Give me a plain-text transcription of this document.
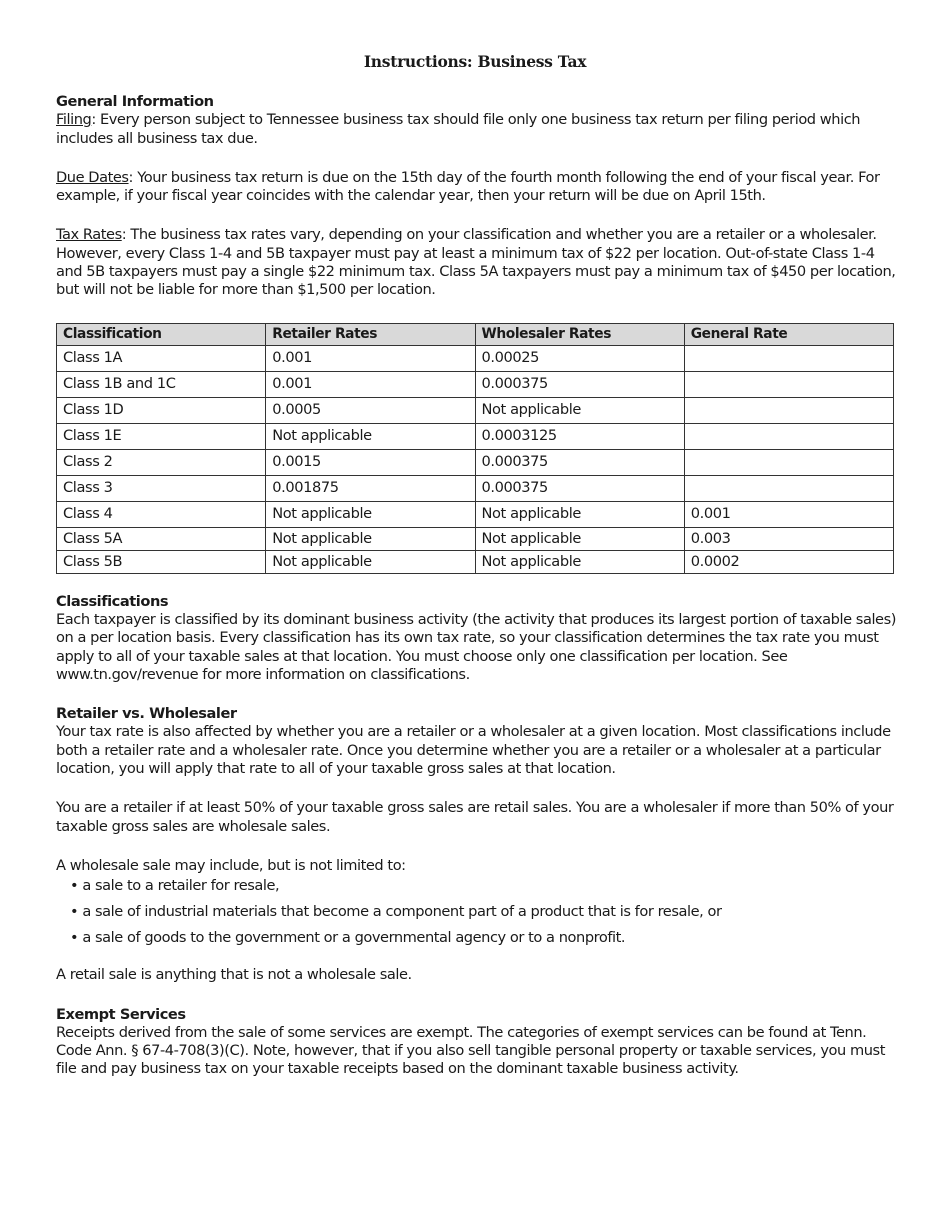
Instructions: Business Tax
General Information

Filing: Every person subject to Tennessee business tax should file only one business tax return per filing period which includes all business tax due.

Due Dates: Your business tax return is due on the 15th day of the fourth month following the end of your fiscal year. For example, if your fiscal year coincides with the calendar year, then your return will be due on April 15th.

Tax Rates: The business tax rates vary, depending on your classification and whether you are a retailer or a wholesaler. However, every Class 1-4 and 5B taxpayer must pay at least a minimum tax of $22 per location. Out-of-state Class 1-4 and 5B taxpayers must pay a single $22 minimum tax. Class 5A taxpayers must pay a minimum tax of $450 per location, but will not be liable for more than $1,500 per location.

Classification	Retailer Rates	Wholesaler Rates	General Rate
Class 1A	0.001	0.00025	
Class 1B and 1C	0.001	0.000375	
Class 1D	0.0005	Not applicable	
Class 1E	Not applicable	0.0003125	
Class 2	0.0015	0.000375	
Class 3	0.001875	0.000375	
Class 4	Not applicable	Not applicable	0.001
Class 5A	Not applicable	Not applicable	0.003
Class 5B	Not applicable	Not applicable	0.0002
Classifications

Each taxpayer is classified by its dominant business activity (the activity that produces its largest portion of taxable sales) on a per location basis. Every classification has its own tax rate, so your classification determines the tax rate you must apply to all of your taxable sales at that location. You must choose only one classification per location. See www.tn.gov/revenue for more information on classifications.

Retailer vs. Wholesaler

Your tax rate is also affected by whether you are a retailer or a wholesaler at a given location. Most classifications include both a retailer rate and a wholesaler rate. Once you determine whether you are a retailer or a wholesaler at a particular location, you will apply that rate to all of your taxable gross sales at that location.

You are a retailer if at least 50% of your taxable gross sales are retail sales. You are a wholesaler if more than 50% of your taxable gross sales are wholesale sales.

A wholesale sale may include, but is not limited to:

• a sale to a retailer for resale,
• a sale of industrial materials that become a component part of a product that is for resale, or
• a sale of goods to the government or a governmental agency or to a nonprofit.

A retail sale is anything that is not a wholesale sale.

Exempt Services

Receipts derived from the sale of some services are exempt. The categories of exempt services can be found at Tenn. Code Ann. § 67-4-708(3)(C). Note, however, that if you also sell tangible personal property or taxable services, you must file and pay business tax on your taxable receipts based on the dominant taxable business activity.
